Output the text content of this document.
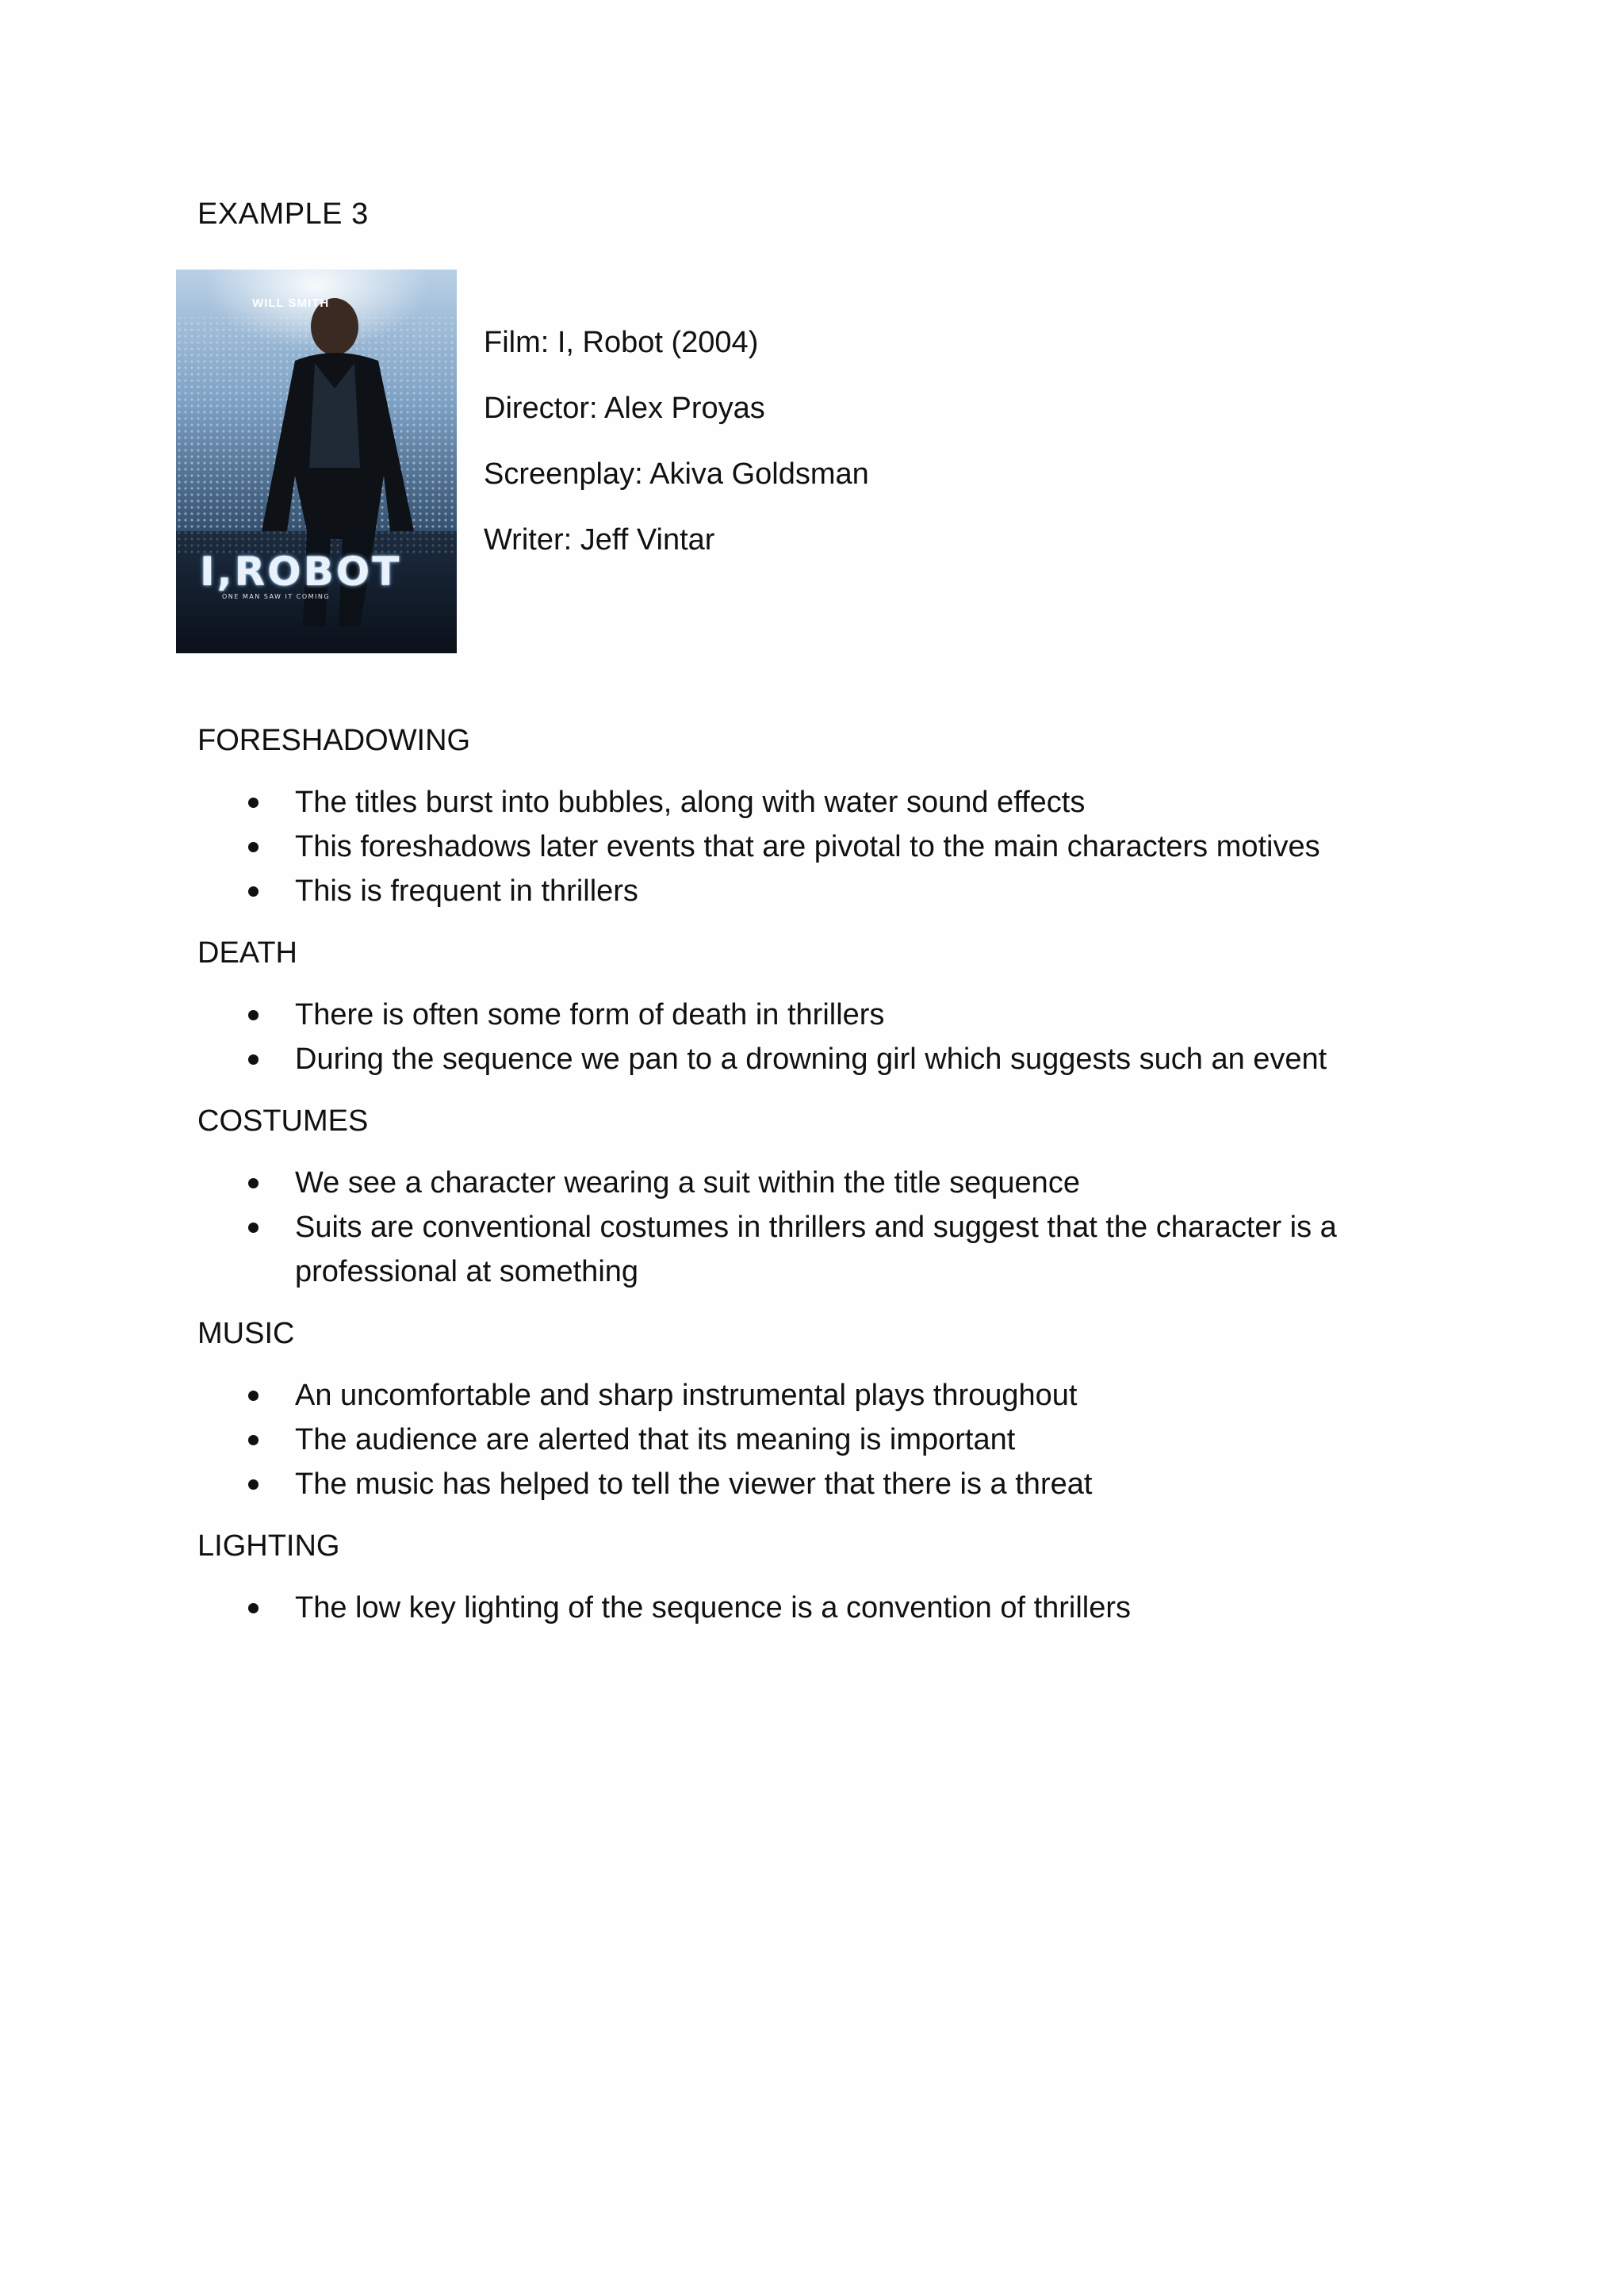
EXAMPLE 3
WILL SMITH
I,ROBOT
ONE MAN SAW IT COMING
Film: I, Robot (2004)
Director: Alex Proyas
Screenplay: Akiva Goldsman
Writer: Jeff Vintar
FORESHADOWING
The titles burst into bubbles, along with water sound effects
This foreshadows later events that are pivotal to the main characters motives
This is frequent in thrillers
DEATH
There is often some form of death in thrillers
During the sequence we pan to a drowning girl which suggests such an event
COSTUMES
We see a character wearing a suit within the title sequence
Suits are conventional costumes in thrillers and suggest that the character is a professional at something
MUSIC
An uncomfortable and sharp instrumental plays throughout
The audience are alerted that its meaning is important
The music has helped to tell the viewer that there is a threat
LIGHTING
The low key lighting of the sequence is a convention of thrillers
